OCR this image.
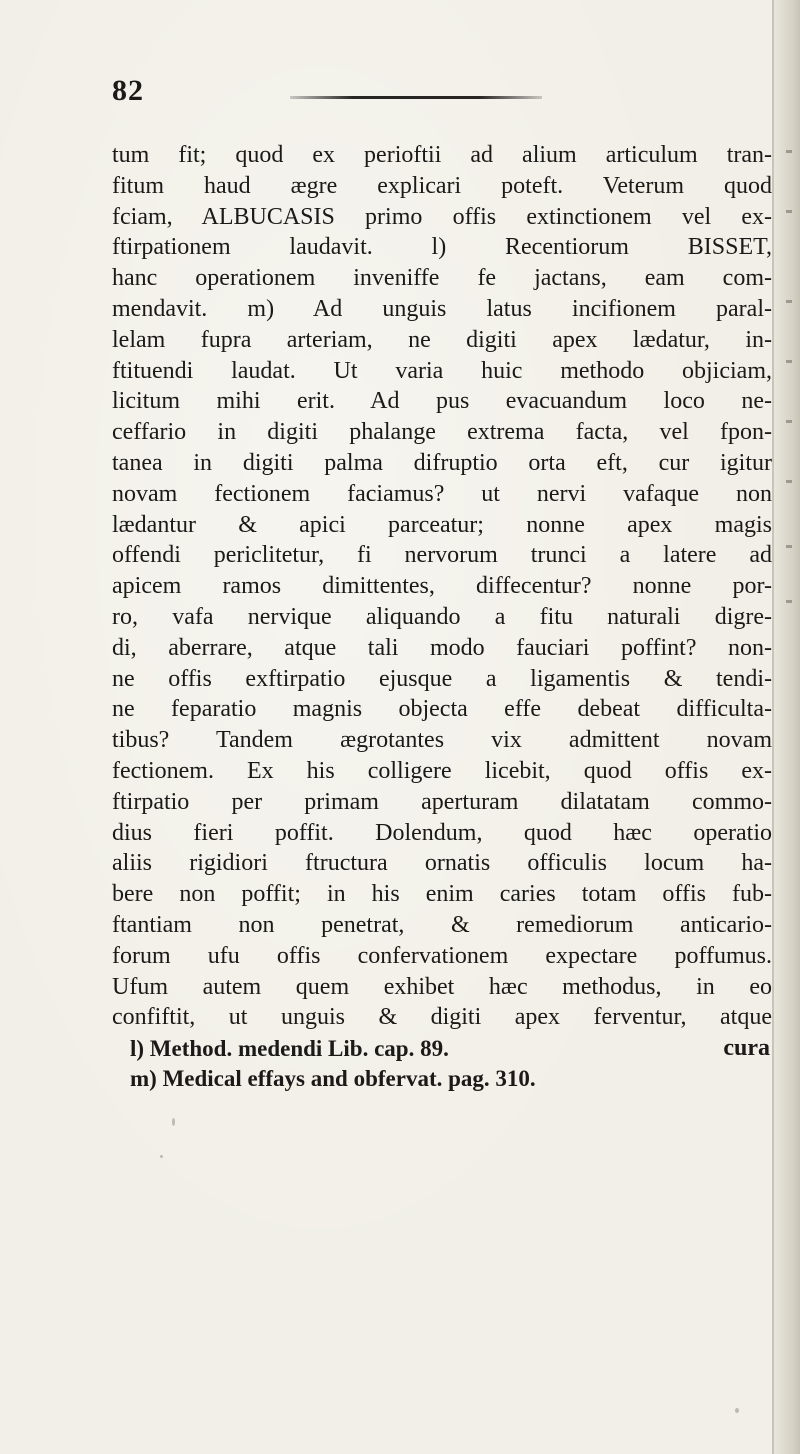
82
tum fit; quod ex perioftii ad alium articulum tran-
fitum haud ægre explicari poteft. Veterum quod
fciam, ALBUCASIS primo offis extinctionem vel ex-
ftirpationem laudavit. l) Recentiorum BISSET,
hanc operationem inveniffe fe jactans, eam com-
mendavit. m) Ad unguis latus incifionem paral-
lelam fupra arteriam, ne digiti apex lædatur, in-
ftituendi laudat. Ut varia huic methodo objiciam,
licitum mihi erit. Ad pus evacuandum loco ne-
ceffario in digiti phalange extrema facta, vel fpon-
tanea in digiti palma difruptio orta eft, cur igitur
novam fectionem faciamus? ut nervi vafaque non
lædantur & apici parceatur; nonne apex magis
offendi periclitetur, fi nervorum trunci a latere ad
apicem ramos dimittentes, diffecentur? nonne por-
ro, vafa nervique aliquando a fitu naturali digre-
di, aberrare, atque tali modo fauciari poffint? non-
ne offis exftirpatio ejusque a ligamentis & tendi-
ne feparatio magnis objecta effe debeat difficulta-
tibus? Tandem ægrotantes vix admittent novam
fectionem. Ex his colligere licebit, quod offis ex-
ftirpatio per primam aperturam dilatatam commo-
dius fieri poffit. Dolendum, quod hæc operatio
aliis rigidiori ftructura ornatis officulis locum ha-
bere non poffit; in his enim caries totam offis fub-
ftantiam non penetrat, & remediorum anticario-
forum ufu offis confervationem expectare poffumus.
Ufum autem quem exhibet hæc methodus, in eo
confiftit, ut unguis & digiti apex ferventur, atque
cura
l) Method. medendi Lib. cap. 89.
m) Medical effays and obfervat. pag. 310.
